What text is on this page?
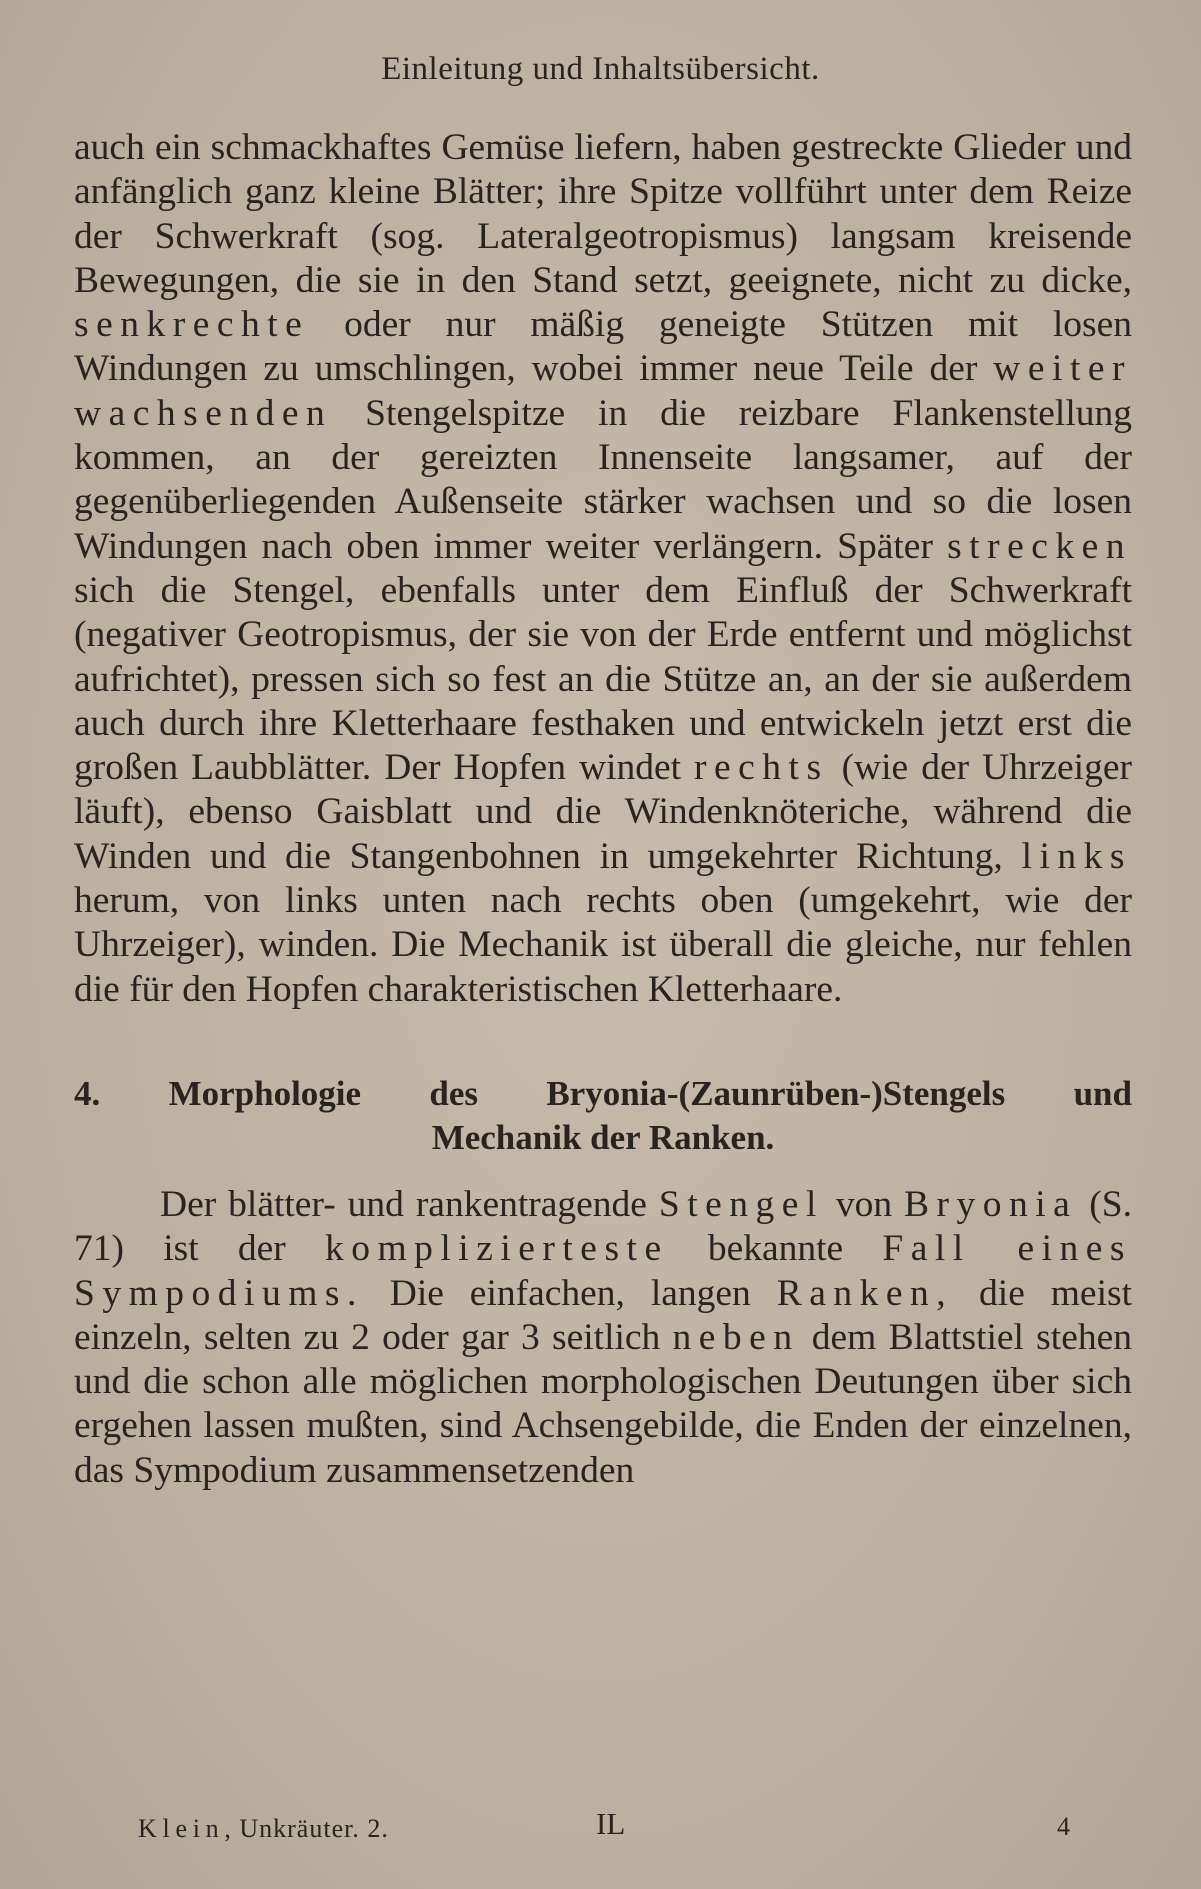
Einleitung und Inhaltsübersicht.

auch ein schmackhaftes Gemüse liefern, haben gestreckte Glieder und anfänglich ganz kleine Blätter; ihre Spitze vollführt unter dem Reize der Schwerkraft (sog. Lateralgeotropismus) langsam kreisende Bewegungen, die sie in den Stand setzt, geeignete, nicht zu dicke, senkrechte oder nur mäßig geneigte Stützen mit losen Windungen zu umschlingen, wobei immer neue Teile der weiter wachsenden Stengelspitze in die reizbare Flankenstellung kommen, an der gereizten Innenseite langsamer, auf der gegenüberliegenden Außenseite stärker wachsen und so die losen Windungen nach oben immer weiter verlängern. Später strecken sich die Stengel, ebenfalls unter dem Einfluß der Schwerkraft (negativer Geotropismus, der sie von der Erde entfernt und möglichst aufrichtet), pressen sich so fest an die Stütze an, an der sie außerdem auch durch ihre Kletterhaare festhaken und entwickeln jetzt erst die großen Laubblätter. Der Hopfen windet rechts (wie der Uhrzeiger läuft), ebenso Gaisblatt und die Windenknöteriche, während die Winden und die Stangenbohnen in umgekehrter Richtung, links herum, von links unten nach rechts oben (umgekehrt, wie der Uhrzeiger), winden. Die Mechanik ist überall die gleiche, nur fehlen die für den Hopfen charakteristischen Kletterhaare.

4. Morphologie des Bryonia-(Zaunrüben-)Stengels und
Mechanik der Ranken.

Der blätter- und rankentragende Stengel von Bryonia (S. 71) ist der komplizierteste bekannte Fall eines Sympodiums. Die einfachen, langen Ranken, die meist einzeln, selten zu 2 oder gar 3 seitlich neben dem Blattstiel stehen und die schon alle möglichen morphologischen Deutungen über sich ergehen lassen mußten, sind Achsengebilde, die Enden der einzelnen, das Sympodium zusammensetzenden

Klein, Unkräuter. 2.	IL	4
